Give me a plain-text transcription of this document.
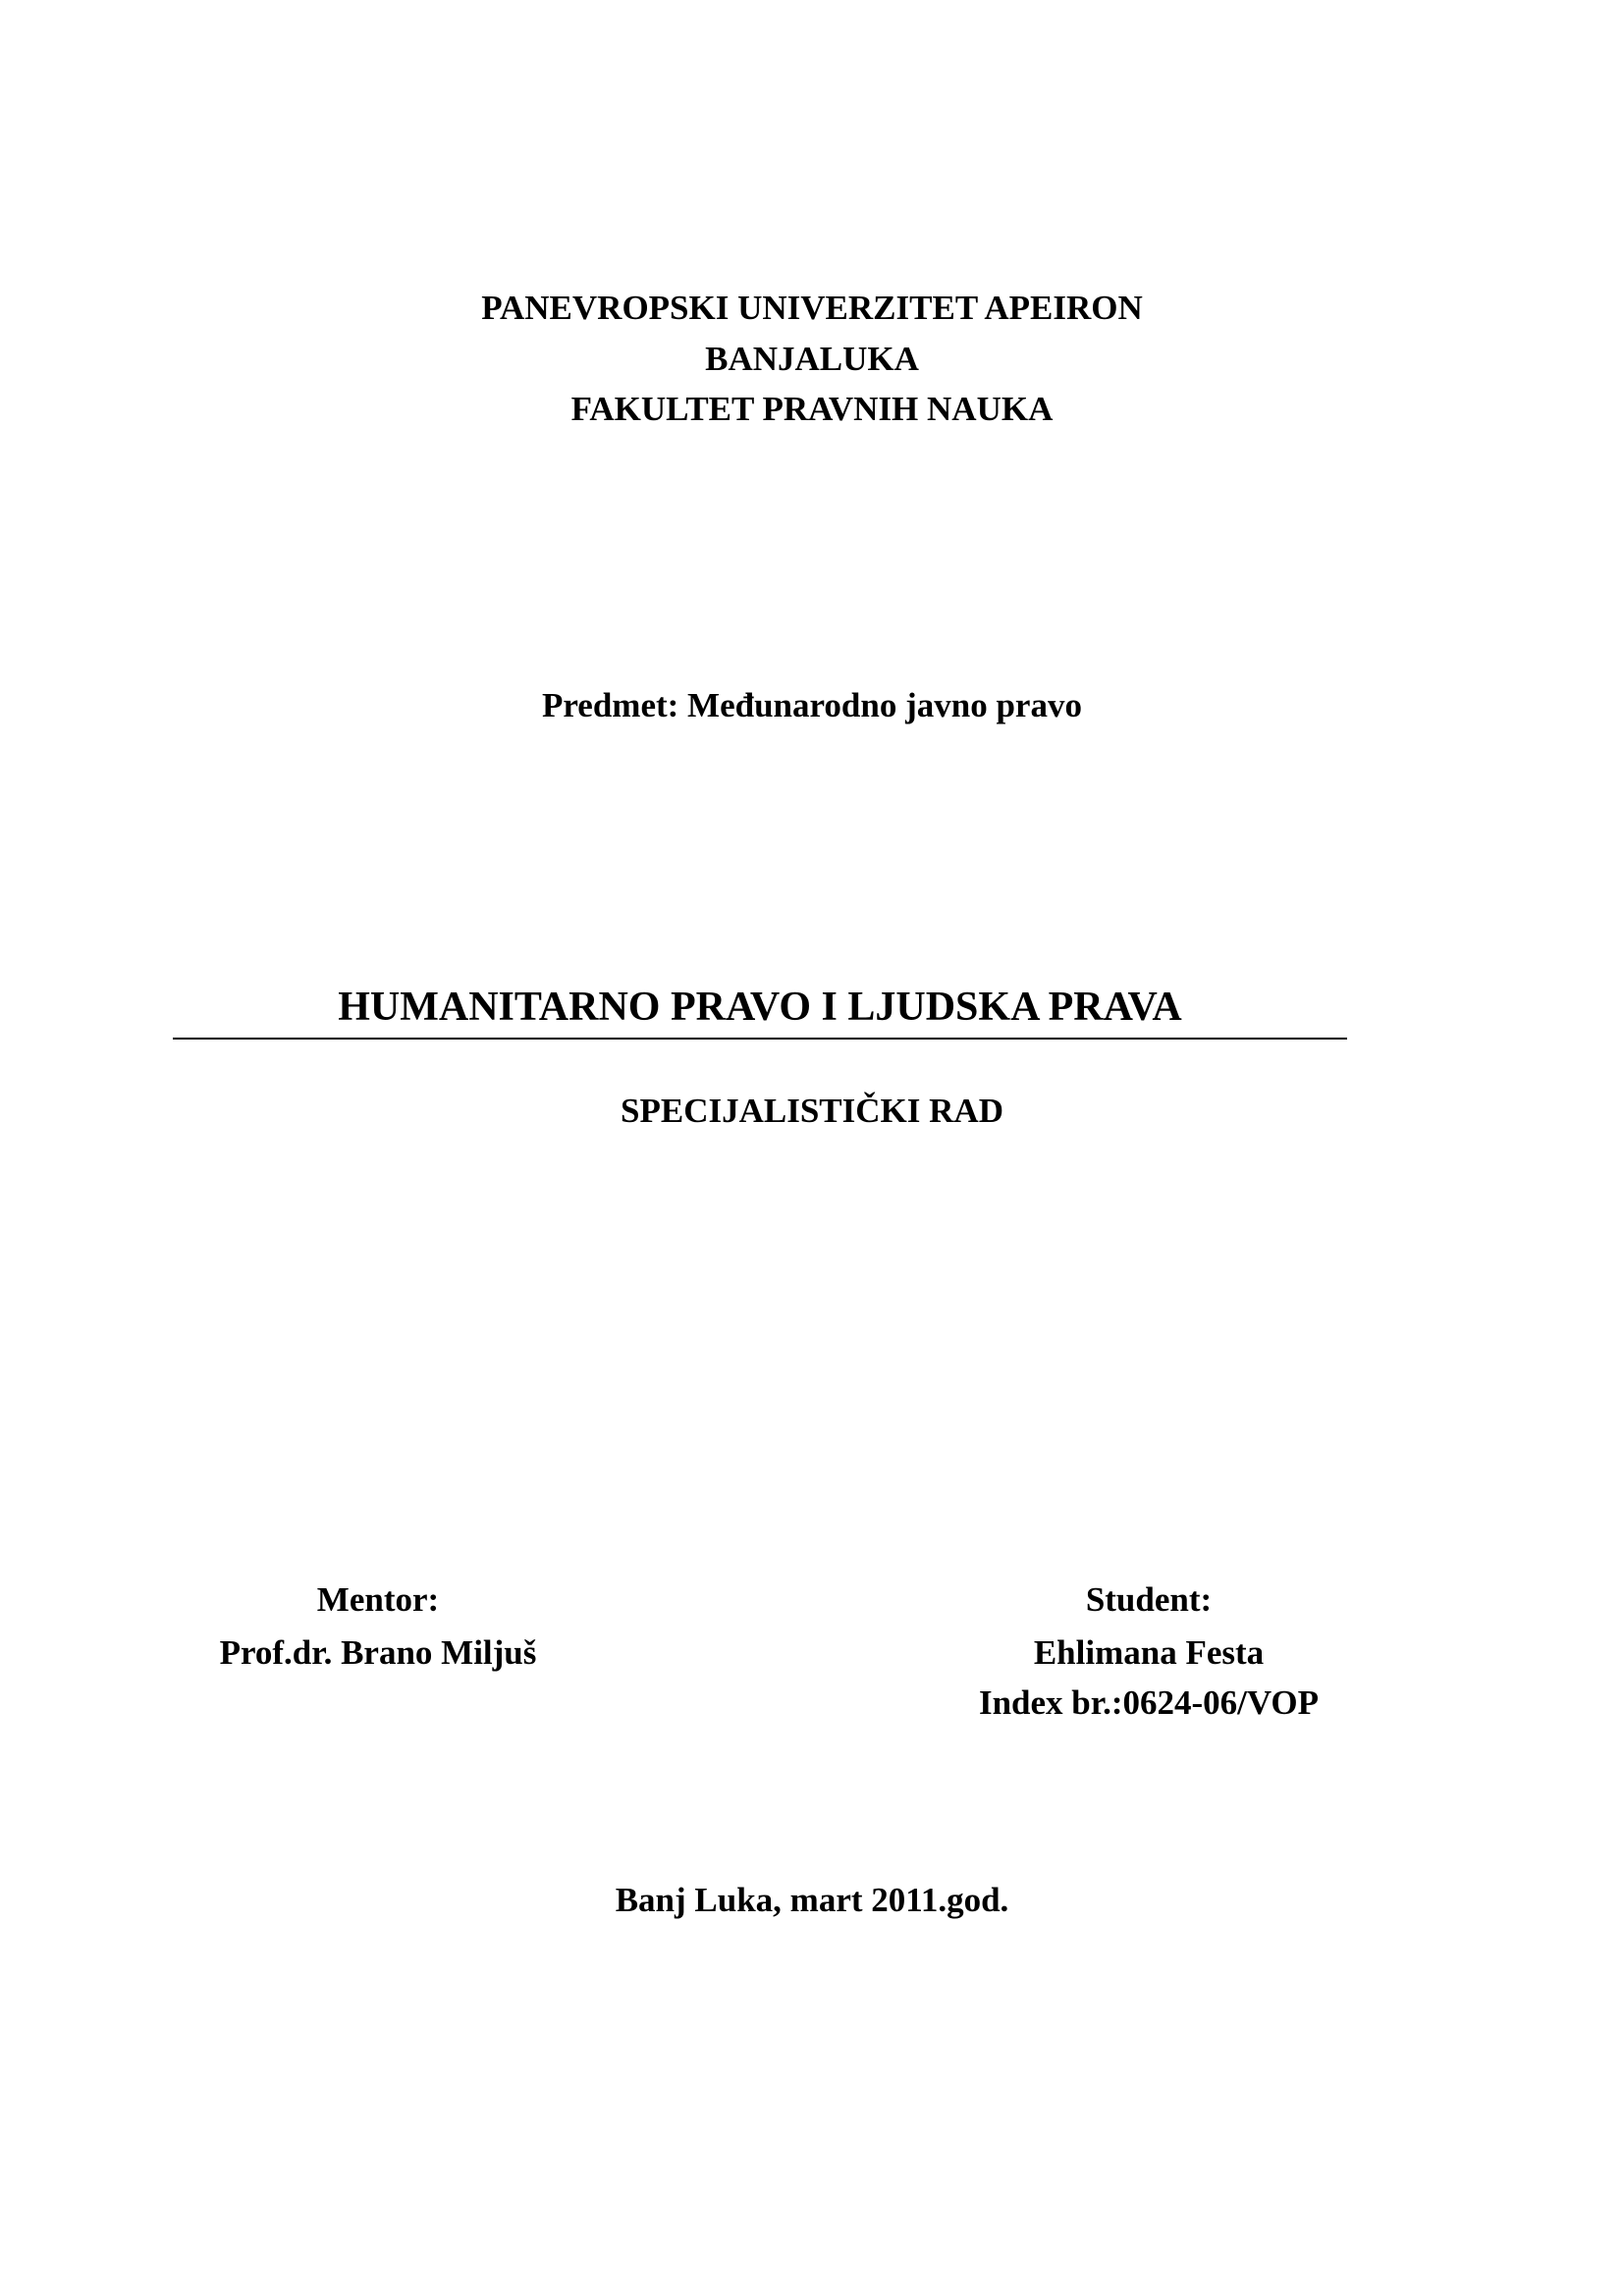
PANEVROPSKI UNIVERZITET APEIRON
BANJALUKA
FAKULTET PRAVNIH NAUKA
Predmet: Međunarodno javno pravo
HUMANITARNO PRAVO I LJUDSKA PRAVA
SPECIJALISTIČKI RAD
Mentor:
Prof.dr. Brano Miljuš
Student:
Ehlimana Festa
Index br.:0624-06/VOP
Banj Luka, mart 2011.god.
